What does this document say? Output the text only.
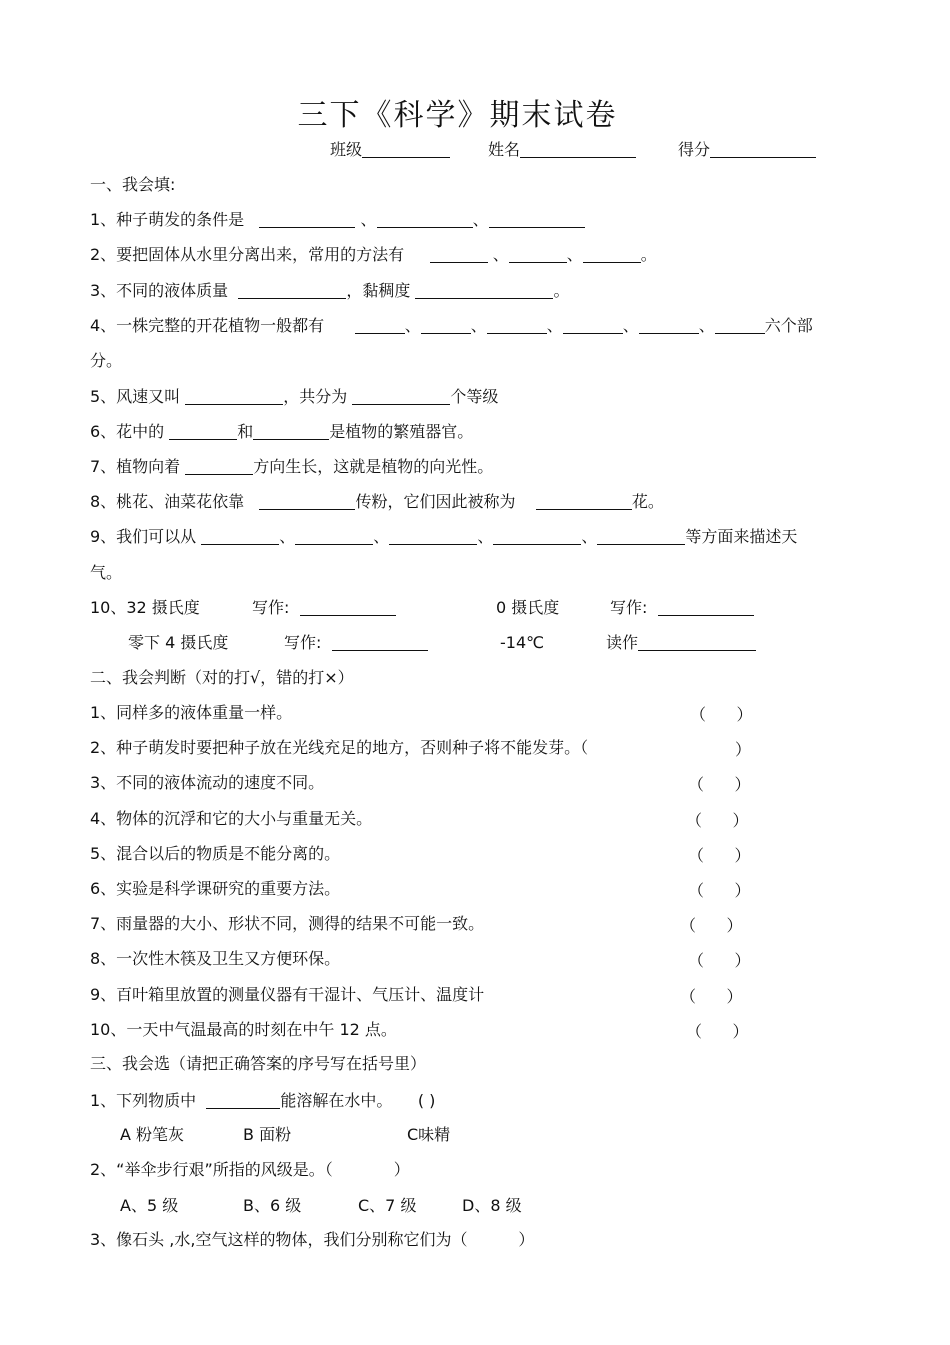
三下《科学》期末试卷
班级	姓名	得分
一、我会填:
1、种子萌发的条件是	、	、
2、要把固体从水里分离出来，常用的方法有	、	、	。
3、不同的液体质量	，黏稠度	。
4、一株完整的开花植物一般都有	、	、	、	、	、	六个部
分。
5、风速又叫	，共分为	个等级
6、花中的	和	是植物的繁殖器官。
7、植物向着	方向生长，这就是植物的向光性。
8、桃花、油菜花依靠	传粉，它们因此被称为	花。
9、我们可以从	、	、	、	、	等方面来描述天
气。
10、32 摄氏度	写作:	0 摄氏度	写作:
零下 4 摄氏度	写作:	-14℃	读作
二、我会判断（对的打√，错的打×）
1、同样多的液体重量一样。	（ ）
2、种子萌发时要把种子放在光线充足的地方，否则种子将不能发芽。（	）
3、不同的液体流动的速度不同。	（ ）
4、物体的沉浮和它的大小与重量无关。	（ ）
5、混合以后的物质是不能分离的。	（ ）
6、实验是科学课研究的重要方法。	（ ）
7、雨量器的大小、形状不同，测得的结果不可能一致。	（ ）
8、一次性木筷及卫生又方便环保。	（ ）
9、百叶箱里放置的测量仪器有干湿计、气压计、温度计	（ ）
10、一天中气温最高的时刻在中午 12 点。	（ ）
三、我会选（请把正确答案的序号写在括号里）
1、下列物质中	能溶解在水中。 ( )
A 粉笔灰	B 面粉	C味精
2、“举伞步行艰”所指的风级是。（	）
A、5 级	B、6 级	C、7 级	D、8 级
3、像石头 ,水,空气这样的物体，我们分别称它们为（	）
